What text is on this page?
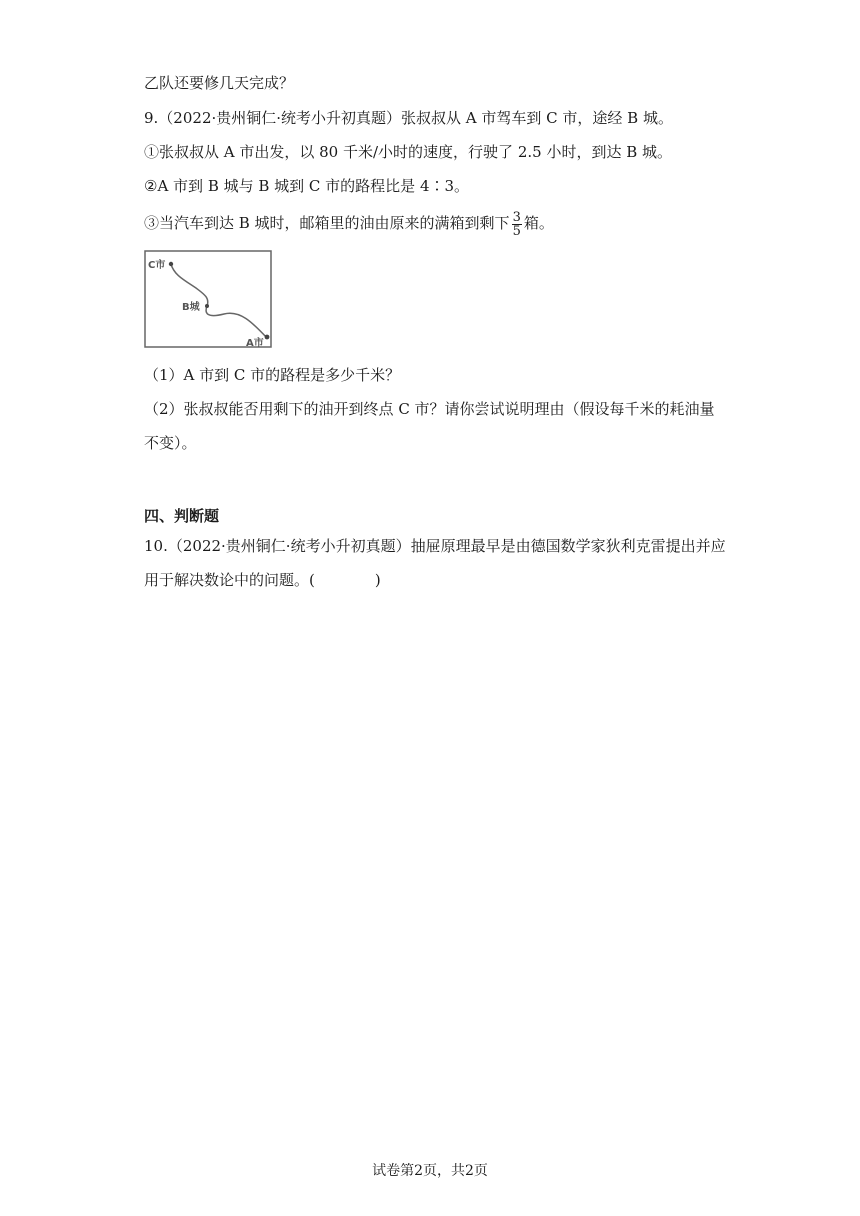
乙队还要修几天完成？
9.（2022·贵州铜仁·统考小升初真题）张叔叔从 A 市驾车到 C 市，途经 B 城。
①张叔叔从 A 市出发，以 80 千米/小时的速度，行驶了 2.5 小时，到达 B 城。
②A 市到 B 城与 B 城到 C 市的路程比是 4∶3。
③当汽车到达 B 城时，邮箱里的油由原来的满箱到剩下 $\frac{3}{5}$ 箱。
C市
B城
A市
（1）A 市到 C 市的路程是多少千米？
（2）张叔叔能否用剩下的油开到终点 C 市？请你尝试说明理由（假设每千米的耗油量
不变）。
四、判断题
10.（2022·贵州铜仁·统考小升初真题）抽屉原理最早是由德国数学家狄利克雷提出并应
用于解决数论中的问题。(　　　　)
试卷第2页，共2页
